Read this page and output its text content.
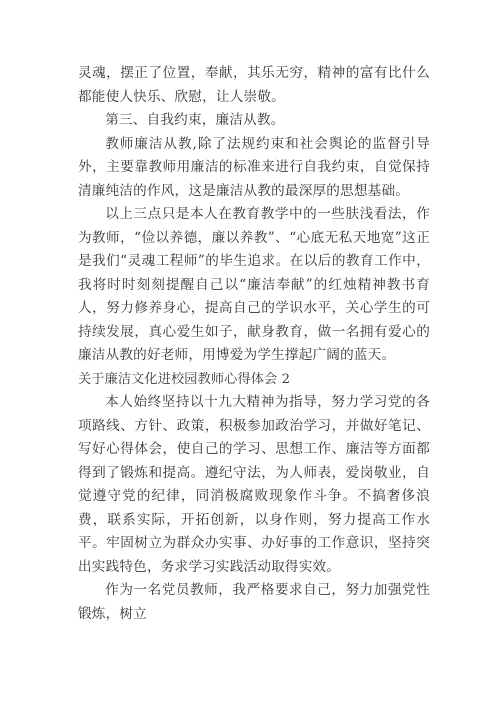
灵魂，摆正了位置，奉献，其乐无穷，精神的富有比什么都能使人快乐、欣慰，让人崇敬。

第三、自我约束，廉洁从教。

教师廉洁从教,除了法规约束和社会舆论的监督引导外，主要靠教师用廉洁的标准来进行自我约束，自觉保持清廉纯洁的作风，这是廉洁从教的最深厚的思想基础。

以上三点只是本人在教育教学中的一些肤浅看法，作为教师，“俭以养德，廉以养教”、“心底无私天地宽”这正是我们“灵魂工程师”的毕生追求。在以后的教育工作中，我将时时刻刻提醒自己以“廉洁奉献”的红烛精神教书育人，努力修养身心，提高自己的学识水平，关心学生的可持续发展，真心爱生如子，献身教育，做一名拥有爱心的廉洁从教的好老师，用博爱为学生撑起广阔的蓝天。

关于廉洁文化进校园教师心得体会 2

本人始终坚持以十九大精神为指导，努力学习党的各项路线、方针、政策，积极参加政治学习，并做好笔记、写好心得体会，使自己的学习、思想工作、廉洁等方面都得到了锻炼和提高。遵纪守法，为人师表，爱岗敬业，自觉遵守党的纪律，同消极腐败现象作斗争。不搞奢侈浪费，联系实际，开拓创新，以身作则，努力提高工作水平。牢固树立为群众办实事、办好事的工作意识，坚持突出实践特色，务求学习实践活动取得实效。

作为一名党员教师，我严格要求自己，努力加强党性锻炼，树立
